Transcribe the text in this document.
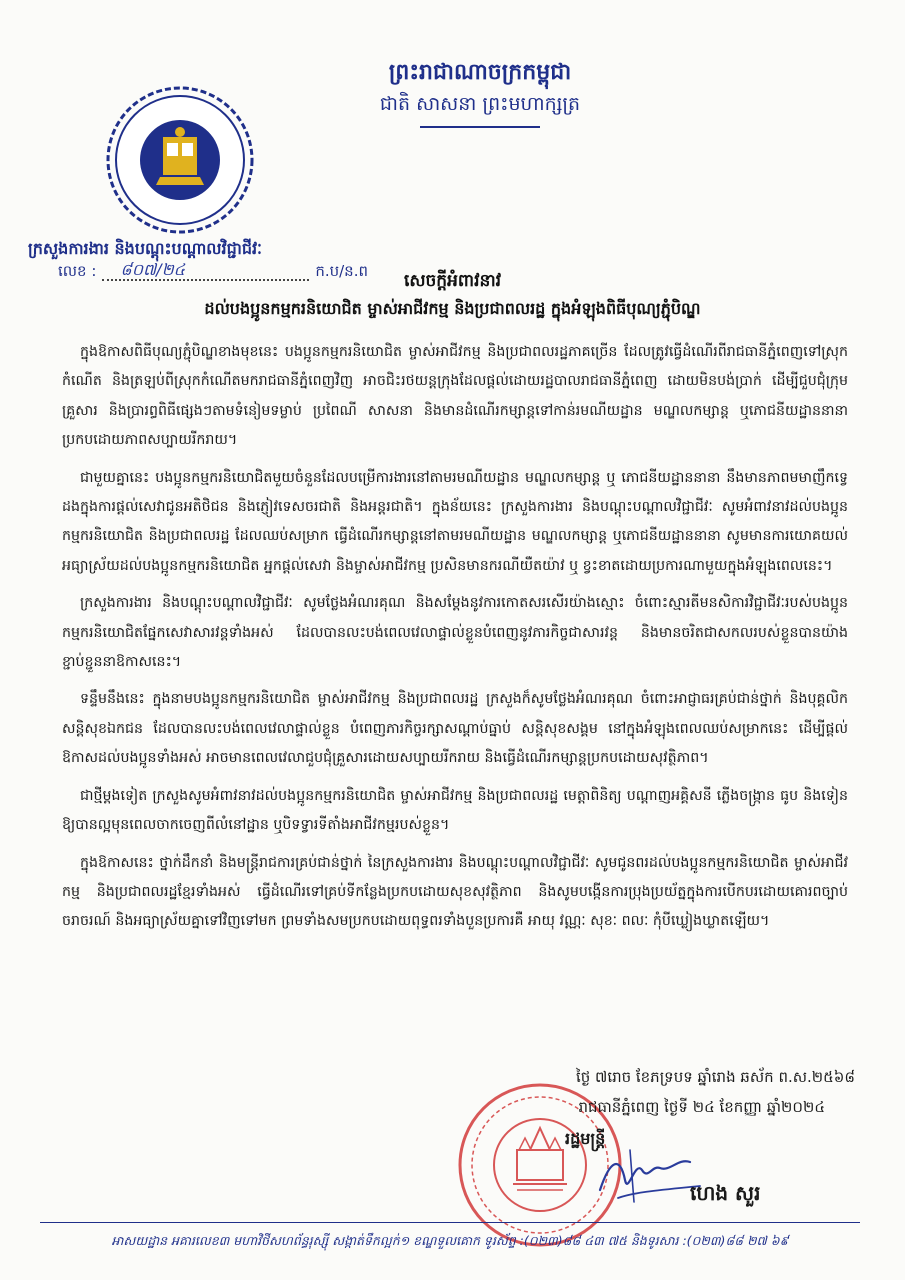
ព្រះរាជាណាចក្រកម្ពុជា
ជាតិ សាសនា ព្រះមហាក្សត្រ
ក្រសួងការងារ និងបណ្តុះបណ្តាលវិជ្ជាជីវៈ
លេខ : ៨០៧/២៤	ក.ប/ន.ព	សេចក្តីអំពាវនាវ
ដល់បងប្អូនកម្មករនិយោជិត ម្ចាស់អាជីវកម្ម និងប្រជាពលរដ្ឋ ក្នុងអំឡុងពិធីបុណ្យភ្ជុំបិណ្ឌ

ក្នុងឱកាសពិធីបុណ្យភ្ជុំបិណ្ឌខាងមុខនេះ បងប្អូនកម្មករនិយោជិត ម្ចាស់អាជីវកម្ម និងប្រជាពលរដ្ឋភាគច្រើន ដែលត្រូវធ្វើដំណើរពីរាជធានីភ្នំពេញទៅស្រុកកំណើត និងត្រឡប់ពីស្រុកកំណើតមករាជធានីភ្នំពេញវិញ អាចជិះរថយន្តក្រុងដែលផ្តល់ដោយរដ្ឋបាលរាជធានីភ្នំពេញ ដោយមិនបង់ប្រាក់ ដើម្បីជួបជុំក្រុមគ្រួសារ និងប្រារព្ធពិធីផ្សេងៗតាមទំនៀមទម្លាប់ ប្រពៃណី សាសនា និងមានដំណើរកម្សាន្តទៅកាន់រមណីយដ្ឋាន មណ្ឌលកម្សាន្ត ឬភោជនីយដ្ឋាននានា ប្រកបដោយភាពសប្បាយរីករាយ។

ជាមួយគ្នានេះ បងប្អូនកម្មករនិយោជិតមួយចំនួនដែលបម្រើការងារនៅតាមរមណីយដ្ឋាន មណ្ឌលកម្សាន្ត ឬ ភោជនីយដ្ឋាននានា នឹងមានភាពមមាញឹកទ្វេដងក្នុងការផ្តល់សេវាជូនអតិថិជន និងភ្ញៀវទេសចរជាតិ និងអន្តរជាតិ។ ក្នុងន័យនេះ ក្រសួងការងារ និងបណ្តុះបណ្តាលវិជ្ជាជីវៈ សូមអំពាវនាវដល់បងប្អូនកម្មករនិយោជិត និងប្រជាពលរដ្ឋ ដែលឈប់សម្រាក ធ្វើដំណើរកម្សាន្តនៅតាមរមណីយដ្ឋាន មណ្ឌលកម្សាន្ត ឬភោជនីយដ្ឋាននានា សូមមានការយោគយល់អធ្យាស្រ័យដល់បងប្អូនកម្មករនិយោជិត អ្នកផ្តល់សេវា និងម្ចាស់អាជីវកម្ម ប្រសិនមានករណីយឺតយ៉ាវ ឬ ខ្វះខាតដោយប្រការណាមួយក្នុងអំឡុងពេលនេះ។

ក្រសួងការងារ និងបណ្តុះបណ្តាលវិជ្ជាជីវៈ សូមថ្លែងអំណរគុណ និងសម្តែងនូវការកោតសរសើរយ៉ាងស្មោះ ចំពោះស្មារតីមនសិការវិជ្ជាជីវៈរបស់បងប្អូនកម្មករនិយោជិតផ្នែកសេវាសារវន្តទាំងអស់ ដែលបានលះបង់ពេលវេលាផ្ទាល់ខ្លួនបំពេញនូវភារកិច្ចជាសារវន្ត និងមានចរិតជាសកលរបស់ខ្លួនបានយ៉ាងខ្ជាប់ខ្ជួននាឱកាសនេះ។

ទន្ទឹមនឹងនេះ ក្នុងនាមបងប្អូនកម្មករនិយោជិត ម្ចាស់អាជីវកម្ម និងប្រជាពលរដ្ឋ ក្រសួងក៏សូមថ្លែងអំណរគុណ ចំពោះអាជ្ញាធរគ្រប់ជាន់ថ្នាក់ និងបុគ្គលិកសន្តិសុខឯកជន ដែលបានលះបង់ពេលវេលាផ្ទាល់ខ្លួន បំពេញភារកិច្ចរក្សាសណ្តាប់ធ្នាប់ សន្តិសុខសង្គម នៅក្នុងអំឡុងពេលឈប់សម្រាកនេះ ដើម្បីផ្តល់ឱកាសដល់បងប្អូនទាំងអស់ អាចមានពេលវេលាជួបជុំគ្រួសារដោយសប្បាយរីករាយ និងធ្វើដំណើរកម្សាន្តប្រកបដោយសុវត្ថិភាព។

ជាថ្មីម្តងទៀត ក្រសួងសូមអំពាវនាវដល់បងប្អូនកម្មករនិយោជិត ម្ចាស់អាជីវកម្ម និងប្រជាពលរដ្ឋ មេត្តាពិនិត្យ បណ្តាញអគ្គិសនី ភ្លើងចង្ក្រាន ធូប និងទៀន ឱ្យបានល្អមុនពេលចាកចេញពីលំនៅដ្ឋាន ឬបិទទ្វារទីតាំងអាជីវកម្មរបស់ខ្លួន។

ក្នុងឱកាសនេះ ថ្នាក់ដឹកនាំ និងមន្ត្រីរាជការគ្រប់ជាន់ថ្នាក់ នៃក្រសួងការងារ និងបណ្តុះបណ្តាលវិជ្ជាជីវៈ សូមជូនពរដល់បងប្អូនកម្មករនិយោជិត ម្ចាស់អាជីវកម្ម និងប្រជាពលរដ្ឋខ្មែរទាំងអស់ ធ្វើដំណើរទៅគ្រប់ទីកន្លែងប្រកបដោយសុខសុវត្ថិភាព និងសូមបង្កើនការប្រុងប្រយ័ត្នក្នុងការបើកបរដោយគោរពច្បាប់ចរាចរណ៍ និងអធ្យាស្រ័យគ្នាទៅវិញទៅមក ព្រមទាំងសមប្រកបដោយពុទ្ធពរទាំងបួនប្រការគឺ អាយុ វណ្ណៈ សុខៈ ពលៈ កុំបីឃ្លៀងឃ្លាតឡើយ។

ថ្ងៃ ៧រោច ខែភទ្របទ ឆ្នាំរោង ឆស័ក ព.ស.២៥៦៨
រាជធានីភ្នំពេញ ថ្ងៃទី ២៤ ខែកញ្ញា ឆ្នាំ២០២៤
រដ្ឋមន្ត្រី
ហេង សួរ
អាសយដ្ឋាន អគារលេខ៣ មហាវិថីសហព័ន្ធរុស្ស៊ី សង្កាត់ទឹកល្អក់១ ខណ្ឌទួលគោក ទូរស័ព្ទ :(០២៣)៨៨ ៤៣ ៧៥ និងទូរសារ :(០២៣)៨៨ ២៧ ៦៩
